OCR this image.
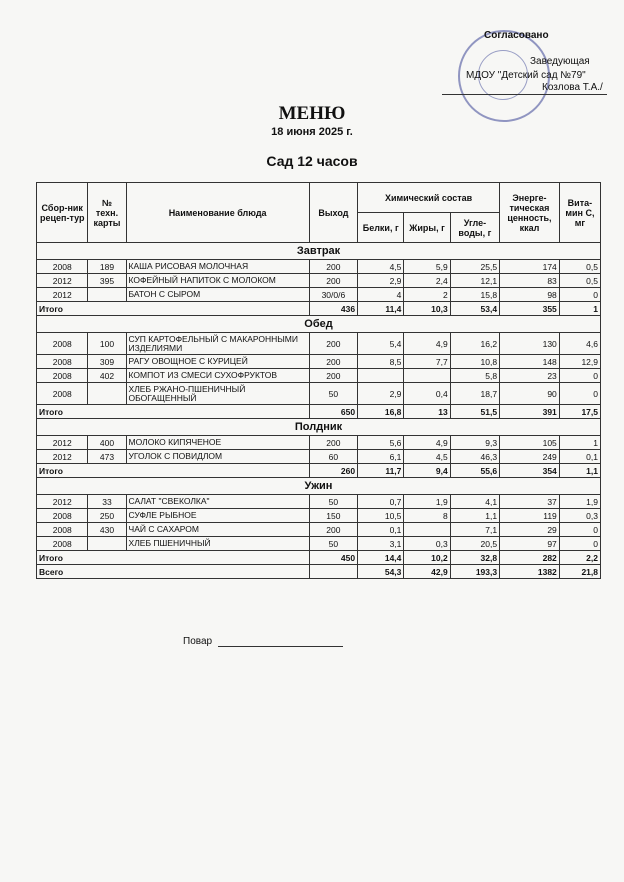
Согласовано
Заведующая
МДОУ "Детский сад №79"
Козлова Т.А./
МЕНЮ
18 июня 2025 г.
Сад 12 часов
Сбор-ник рецеп-тур	№ техн. карты	Наименование блюда	Выход	Химический состав			Энерге-тическая ценность, ккал	Вита-мин С, мг
				Белки, г	Жиры, г	Угле-воды, г		
Завтрак								
2008	189	КАША РИСОВАЯ МОЛОЧНАЯ	200	4,5	5,9	25,5	174	0,5
2012	395	КОФЕЙНЫЙ НАПИТОК С МОЛОКОМ	200	2,9	2,4	12,1	83	0,5
2012		БАТОН С СЫРОМ	30/0/6	4	2	15,8	98	0
Итого			436	11,4	10,3	53,4	355	1
Обед								
2008	100	СУП КАРТОФЕЛЬНЫЙ С МАКАРОННЫМИ ИЗДЕЛИЯМИ	200	5,4	4,9	16,2	130	4,6
2008	309	РАГУ ОВОЩНОЕ С КУРИЦЕЙ	200	8,5	7,7	10,8	148	12,9
2008	402	КОМПОТ ИЗ СМЕСИ СУХОФРУКТОВ	200			5,8	23	0
2008		ХЛЕБ РЖАНО-ПШЕНИЧНЫЙ ОБОГАЩЕННЫЙ	50	2,9	0,4	18,7	90	0
Итого			650	16,8	13	51,5	391	17,5
Полдник								
2012	400	МОЛОКО КИПЯЧЕНОЕ	200	5,6	4,9	9,3	105	1
2012	473	УГОЛОК С ПОВИДЛОМ	60	6,1	4,5	46,3	249	0,1
Итого			260	11,7	9,4	55,6	354	1,1
Ужин								
2012	33	САЛАТ "СВЕКОЛКА"	50	0,7	1,9	4,1	37	1,9
2008	250	СУФЛЕ РЫБНОЕ	150	10,5	8	1,1	119	0,3
2008	430	ЧАЙ С САХАРОМ	200	0,1		7,1	29	0
2008		ХЛЕБ ПШЕНИЧНЫЙ	50	3,1	0,3	20,5	97	0
Итого			450	14,4	10,2	32,8	282	2,2
Всего				54,3	42,9	193,3	1382	21,8
Повар
